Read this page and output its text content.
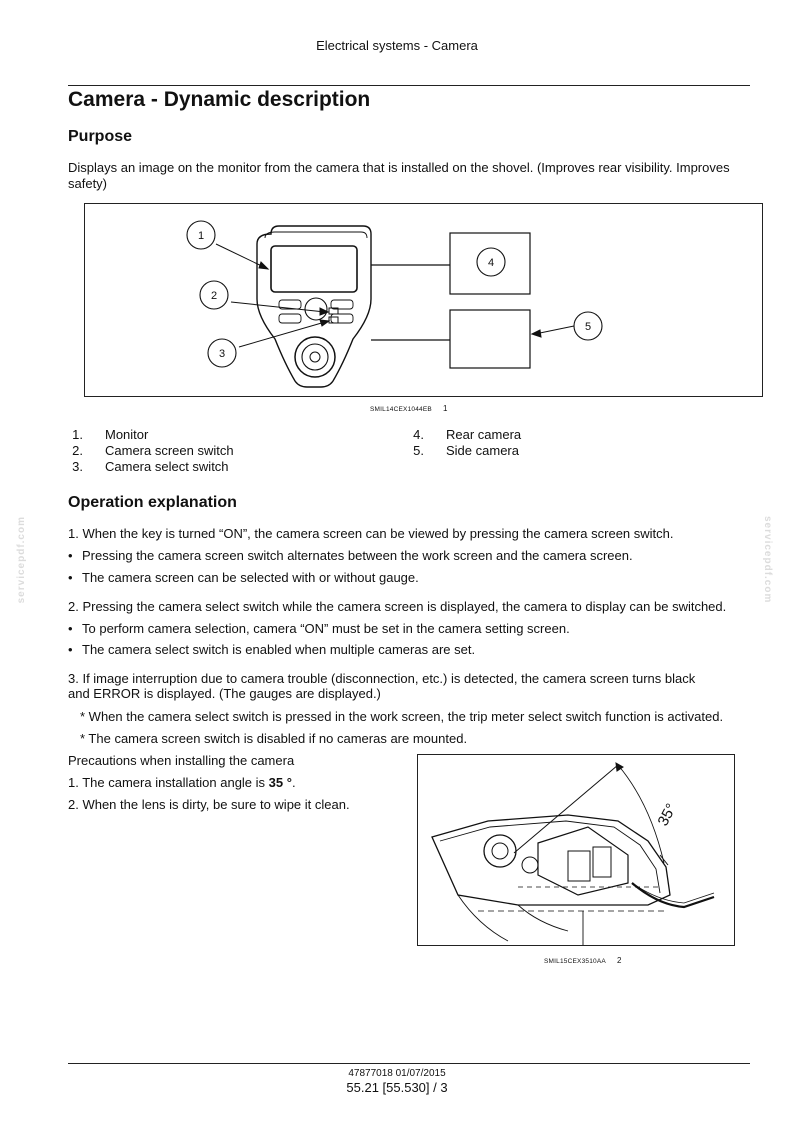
Electrical systems - Camera
Camera - Dynamic description
Purpose
Displays an image on the monitor from the camera that is installed on the shovel. (Improves rear visibility. Improves safety)
1
2
3
4
5
SMIL14CEX1044EB 1
1. Monitor
2. Camera screen switch
3. Camera select switch
4. Rear camera
5. Side camera
Operation explanation
1. When the key is turned “ON”, the camera screen can be viewed by pressing the camera screen switch.
• Pressing the camera screen switch alternates between the work screen and the camera screen.
• The camera screen can be selected with or without gauge.
2. Pressing the camera select switch while the camera screen is displayed, the camera to display can be switched.
• To perform camera selection, camera “ON” must be set in the camera setting screen.
• The camera select switch is enabled when multiple cameras are set.
3. If image interruption due to camera trouble (disconnection, etc.) is detected, the camera screen turns black
and ERROR is displayed. (The gauges are displayed.)
* When the camera select switch is pressed in the work screen, the trip meter select switch function is activated.
* The camera screen switch is disabled if no cameras are mounted.
Precautions when installing the camera
1. The camera installation angle is 35 °.
2. When the lens is dirty, be sure to wipe it clean.	35°
SMIL15CEX3510AA 2
servicepdf.com	servicepdf.com
47877018 01/07/2015
55.21 [55.530] / 3
